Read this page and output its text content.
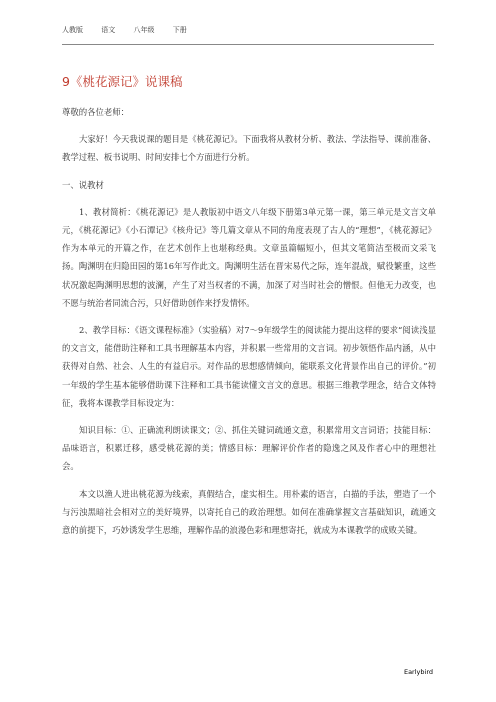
人教版	语文	八年级	下册
9《桃花源记》说课稿

尊敬的各位老师：

大家好！今天我说课的题目是《桃花源记》。下面我将从教材分析、教法、学法指导、课前准备、教学过程、板书说明、时间安排七个方面进行分析。

一、说教材

1、教材简析：《桃花源记》是人教版初中语文八年级下册第3单元第一课，第三单元是文言文单元，《桃花源记》《小石潭记》《核舟记》等几篇文章从不同的角度表现了古人的“理想”，《桃花源记》作为本单元的开篇之作，在艺术创作上也堪称经典。文章虽篇幅短小，但其文笔简洁至极而文采飞扬。陶渊明在归隐田园的第16年写作此文。陶渊明生活在晋宋易代之际，连年混战，赋役繁重，这些状况激起陶渊明思想的波澜，产生了对当权者的不满，加深了对当时社会的憎恨。但他无力改变，也不愿与统治者同流合污，只好借助创作来抒发情怀。

2、教学目标：《语文课程标准》（实验稿）对7～9年级学生的阅读能力提出这样的要求“阅读浅显的文言文，能借助注释和工具书理解基本内容，并积累一些常用的文言词。初步领悟作品内涵，从中获得对自然、社会、人生的有益启示。对作品的思想感情倾向，能联系文化背景作出自己的评价。”初一年级的学生基本能够借助课下注释和工具书能读懂文言文的意思。根据三维教学理念，结合文体特征，我将本课教学目标设定为：

知识目标：①、正确流利朗读课文；②、抓住关键词疏通文意，积累常用文言词语；技能目标：品味语言，积累迁移，感受桃花源的美；情感目标：理解评价作者的隐逸之风及作者心中的理想社会。

本文以渔人进出桃花源为线索，真假结合，虚实相生。用朴素的语言，白描的手法，塑造了一个与污浊黑暗社会相对立的美好境界，以寄托自己的政治理想。如何在准确掌握文言基础知识，疏通文意的前提下，巧妙诱发学生思维，理解作品的浪漫色彩和理想寄托，就成为本课教学的成败关键。

Earlybird
